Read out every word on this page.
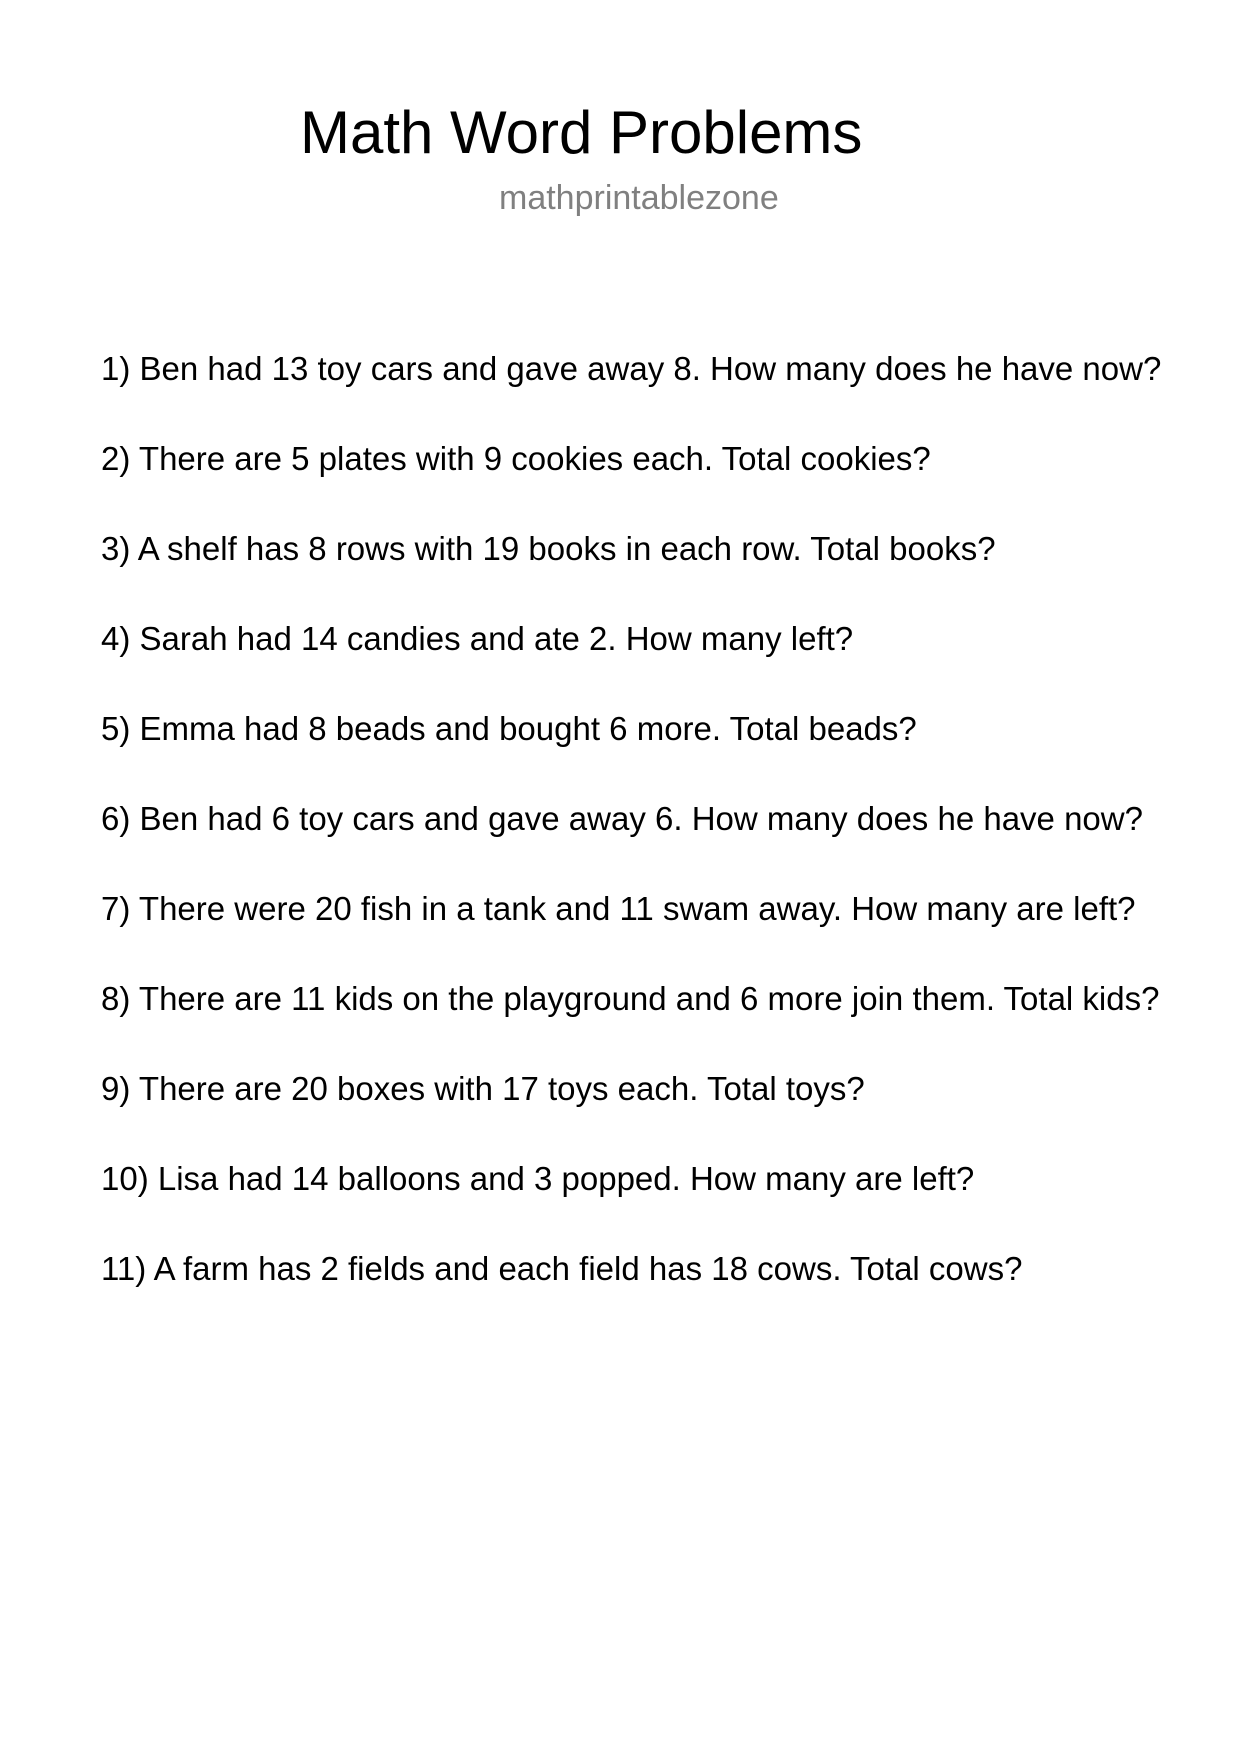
Math Word Problems
mathprintablezone
1) Ben had 13 toy cars and gave away 8. How many does he have now?
2) There are 5 plates with 9 cookies each. Total cookies?
3) A shelf has 8 rows with 19 books in each row. Total books?
4) Sarah had 14 candies and ate 2. How many left?
5) Emma had 8 beads and bought 6 more. Total beads?
6) Ben had 6 toy cars and gave away 6. How many does he have now?
7) There were 20 fish in a tank and 11 swam away. How many are left?
8) There are 11 kids on the playground and 6 more join them. Total kids?
9) There are 20 boxes with 17 toys each. Total toys?
10) Lisa had 14 balloons and 3 popped. How many are left?
11) A farm has 2 fields and each field has 18 cows. Total cows?
